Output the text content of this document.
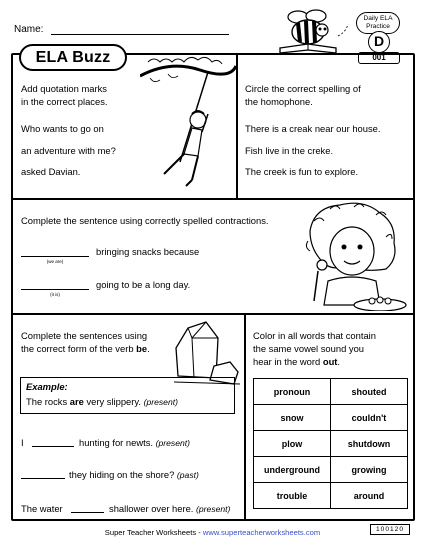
Name:
Daily ELA Practice
D
001
ELA Buzz
Add quotation marks
in the correct places.
Who wants to go on
an adventure with me?
asked Davian.
Circle the correct spelling of
the homophone.
There is a creak near our house.
Fish live in the creke.
The creek is fun to explore.
Complete the sentence using correctly spelled contractions.
(we are)
bringing snacks because
(it is)
going to be a long day.
Complete the sentences using
the correct form of the verb be.
Example:
The rocks are very slippery. (present)
I	hunting for newts. (present)
they hiding on the shore? (past)
The water	shallower over here. (present)
Color in all words that contain
the same vowel sound you
hear in the word out.
pronoun	shouted
snow	couldn't
plow	shutdown
underground	growing
trouble	around
Super Teacher Worksheets - www.superteacherworksheets.com	100120
